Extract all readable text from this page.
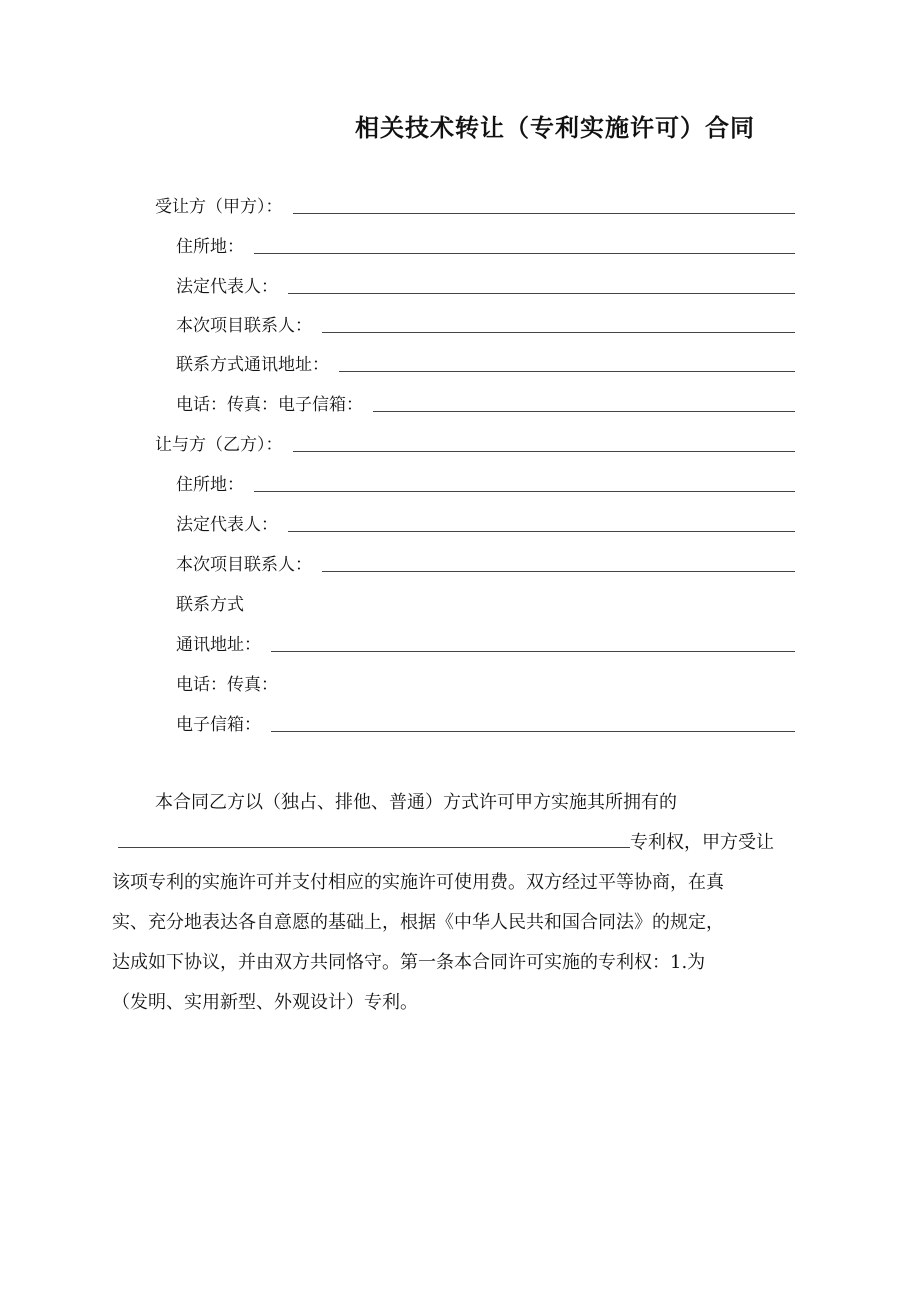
相关技术转让（专利实施许可）合同
受让方（甲方）：
住所地：
法定代表人：
本次项目联系人：
联系方式通讯地址：
电话：传真：电子信箱：
让与方（乙方）：
住所地：
法定代表人：
本次项目联系人：
联系方式
通讯地址：
电话：传真：
电子信箱：
本合同乙方以（独占、排他、普通）方式许可甲方实施其所拥有的
专利权，甲方受让
该项专利的实施许可并支付相应的实施许可使用费。双方经过平等协商，在真
实、充分地表达各自意愿的基础上，根据《中华人民共和国合同法》的规定，
达成如下协议，并由双方共同恪守。第一条本合同许可实施的专利权：1.为
（发明、实用新型、外观设计）专利。
